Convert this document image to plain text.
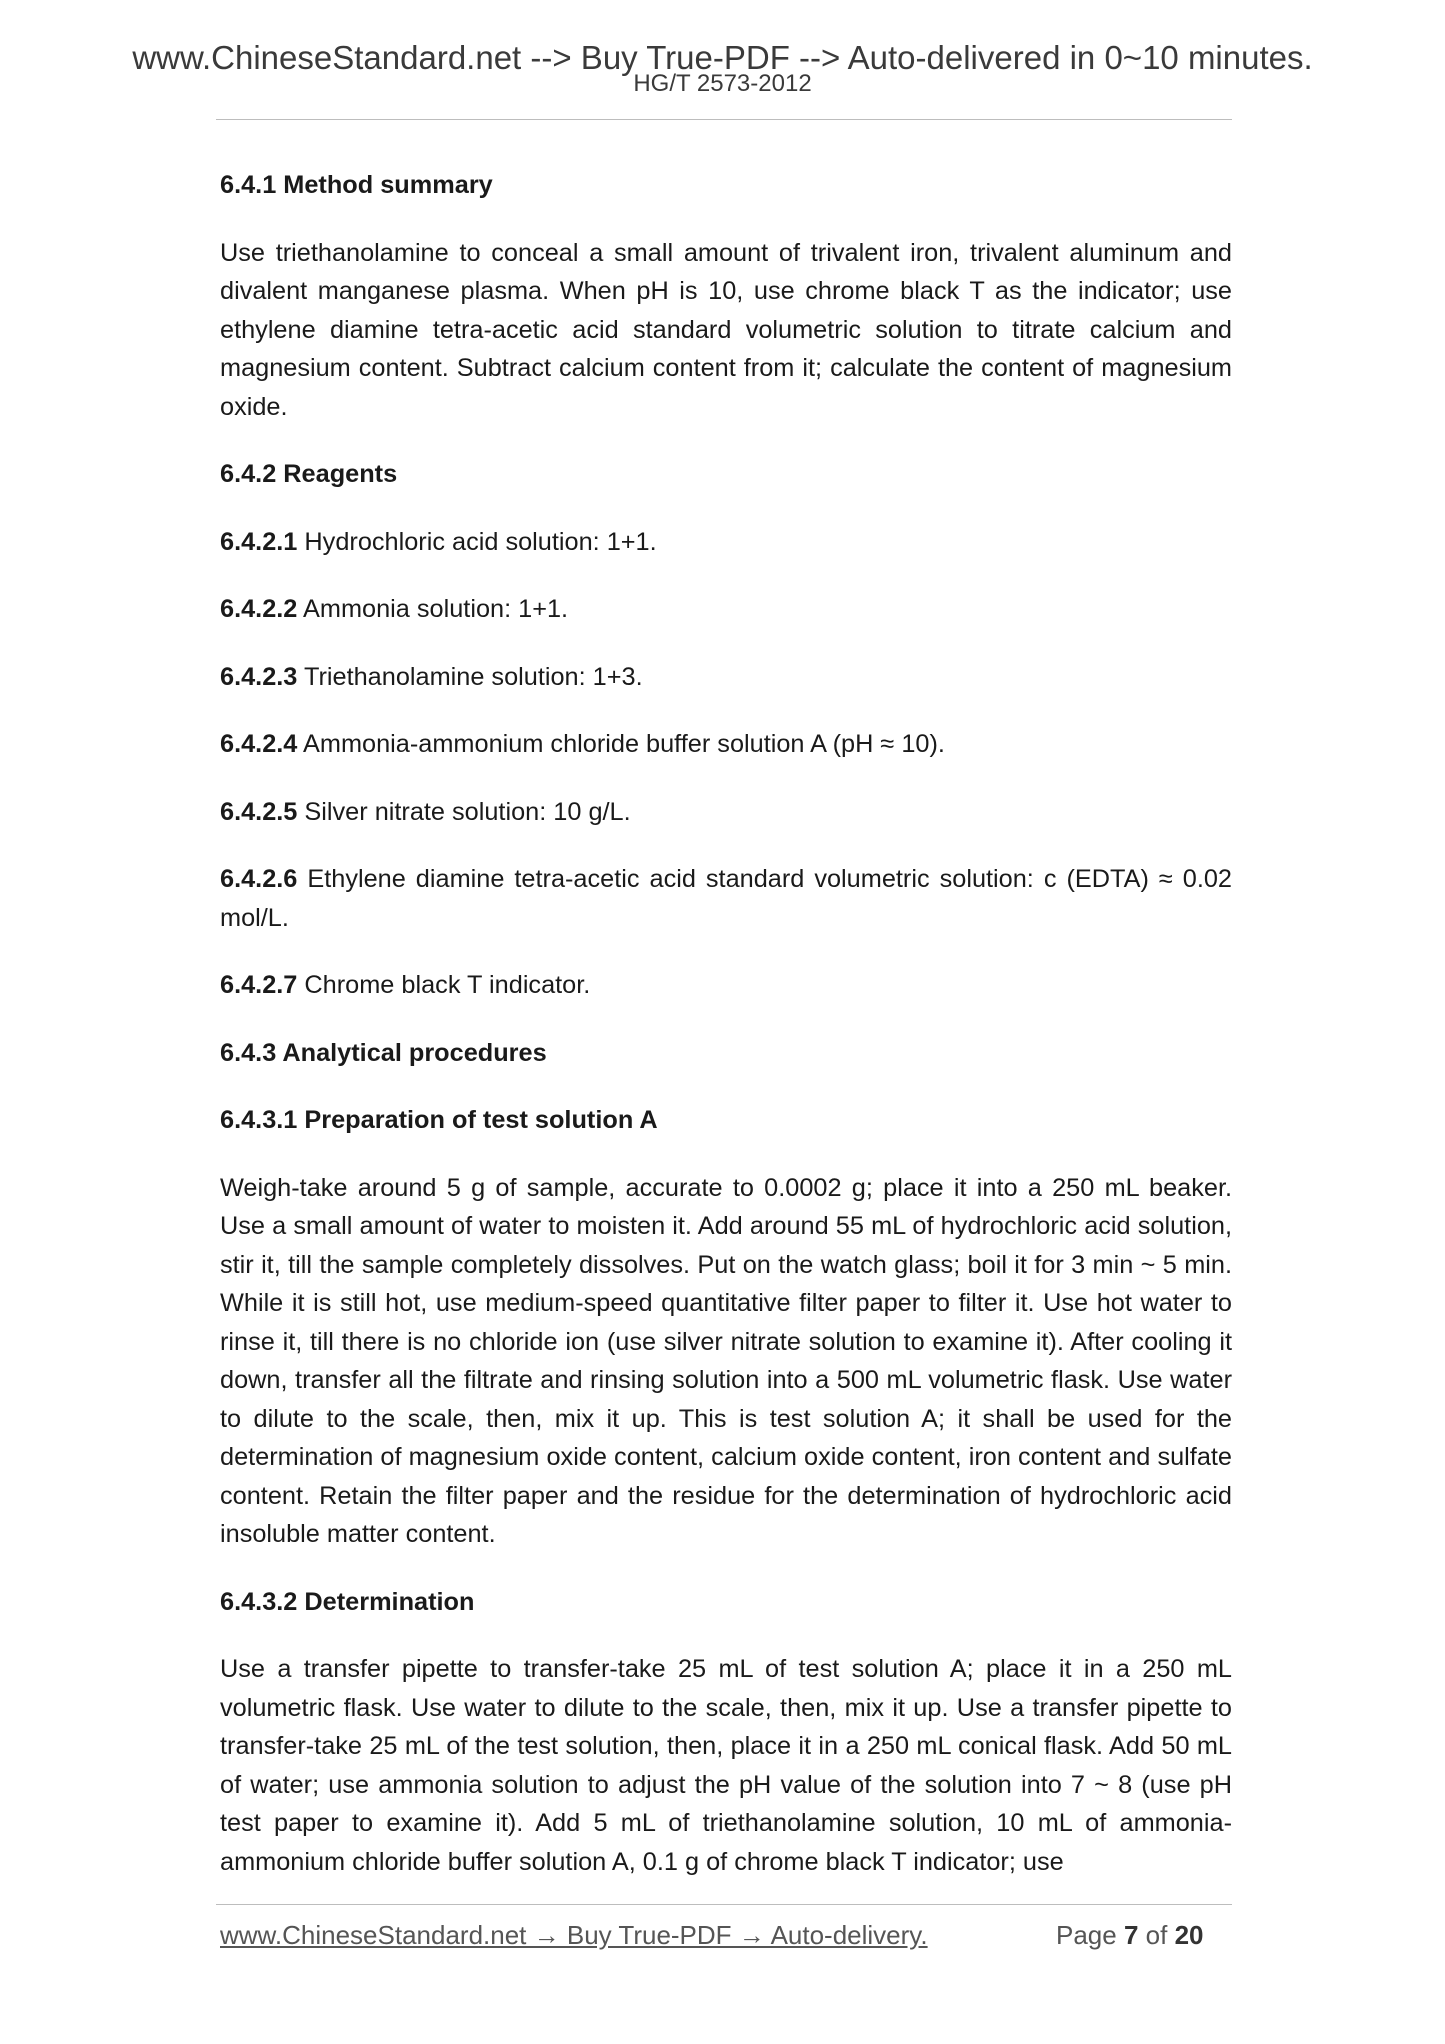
www.ChineseStandard.net --> Buy True-PDF --> Auto-delivered in 0~10 minutes.
HG/T 2573-2012
6.4.1 Method summary
Use triethanolamine to conceal a small amount of trivalent iron, trivalent aluminum and divalent manganese plasma. When pH is 10, use chrome black T as the indicator; use ethylene diamine tetra-acetic acid standard volumetric solution to titrate calcium and magnesium content. Subtract calcium content from it; calculate the content of magnesium oxide.
6.4.2 Reagents
6.4.2.1 Hydrochloric acid solution: 1+1.
6.4.2.2 Ammonia solution: 1+1.
6.4.2.3 Triethanolamine solution: 1+3.
6.4.2.4 Ammonia-ammonium chloride buffer solution A (pH ≈ 10).
6.4.2.5 Silver nitrate solution: 10 g/L.
6.4.2.6 Ethylene diamine tetra-acetic acid standard volumetric solution: c (EDTA) ≈ 0.02 mol/L.
6.4.2.7 Chrome black T indicator.
6.4.3 Analytical procedures
6.4.3.1 Preparation of test solution A
Weigh-take around 5 g of sample, accurate to 0.0002 g; place it into a 250 mL beaker. Use a small amount of water to moisten it. Add around 55 mL of hydrochloric acid solution, stir it, till the sample completely dissolves. Put on the watch glass; boil it for 3 min ~ 5 min. While it is still hot, use medium-speed quantitative filter paper to filter it. Use hot water to rinse it, till there is no chloride ion (use silver nitrate solution to examine it). After cooling it down, transfer all the filtrate and rinsing solution into a 500 mL volumetric flask. Use water to dilute to the scale, then, mix it up. This is test solution A; it shall be used for the determination of magnesium oxide content, calcium oxide content, iron content and sulfate content. Retain the filter paper and the residue for the determination of hydrochloric acid insoluble matter content.
6.4.3.2 Determination
Use a transfer pipette to transfer-take 25 mL of test solution A; place it in a 250 mL volumetric flask. Use water to dilute to the scale, then, mix it up. Use a transfer pipette to transfer-take 25 mL of the test solution, then, place it in a 250 mL conical flask. Add 50 mL of water; use ammonia solution to adjust the pH value of the solution into 7 ~ 8 (use pH test paper to examine it). Add 5 mL of triethanolamine solution, 10 mL of ammonia-ammonium chloride buffer solution A, 0.1 g of chrome black T indicator; use
www.ChineseStandard.net → Buy True-PDF → Auto-delivery.	Page 7 of 20
